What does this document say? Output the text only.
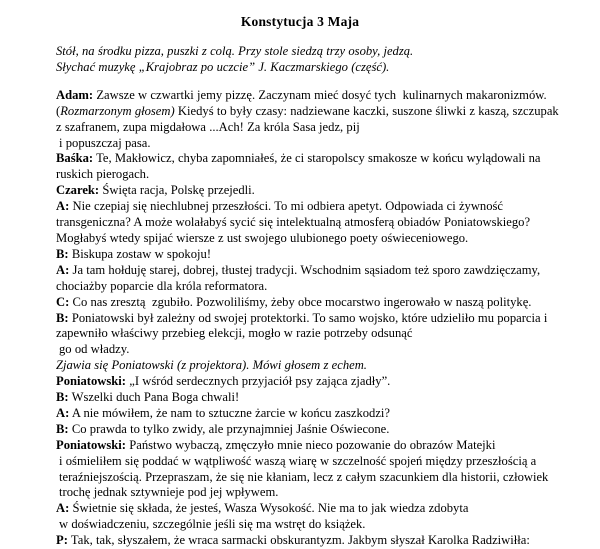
Konstytucja 3 Maja
Stół, na środku pizza, puszki z colą. Przy stole siedzą trzy osoby, jedzą.
Słychać muzykę „Krajobraz po uczcie” J. Kaczmarskiego (część).
Adam: Zawsze w czwartki jemy pizzę. Zaczynam mieć dosyć tych  kulinarnych makaronizmów. (Rozmarzonym głosem) Kiedyś to były czasy: nadziewane kaczki, suszone śliwki z kaszą, szczupak z szafranem, zupa migdałowa ...Ach! Za króla Sasa jedz, pij
i popuszczaj pasa.
Baśka: Te, Makłowicz, chyba zapomniałeś, że ci staropolscy smakosze w końcu wylądowali na ruskich pierogach.
Czarek: Święta racja, Polskę przejedli.
A: Nie czepiaj się niechlubnej przeszłości. To mi odbiera apetyt. Odpowiada ci żywność transgeniczna? A może wolałabyś sycić się intelektualną atmosferą obiadów Poniatowskiego? Mogłabyś wtedy spijać wiersze z ust swojego ulubionego poety oświeceniowego.
B: Biskupa zostaw w spokoju!
A: Ja tam hołduję starej, dobrej, tłustej tradycji. Wschodnim sąsiadom też sporo zawdzięczamy, chociażby poparcie dla króla reformatora.
C: Co nas zresztą  zgubiło. Pozwoliliśmy, żeby obce mocarstwo ingerowało w naszą politykę.
B: Poniatowski był zależny od swojej protektorki. To samo wojsko, które udzieliło mu poparcia i zapewniło właściwy przebieg elekcji, mogło w razie potrzeby odsunąć
go od władzy.
Zjawia się Poniatowski (z projektora). Mówi głosem z echem.
Poniatowski: „I wśród serdecznych przyjaciół psy zająca zjadły”.
B: Wszelki duch Pana Boga chwali!
A: A nie mówiłem, że nam to sztuczne żarcie w końcu zaszkodzi?
B: Co prawda to tylko zwidy, ale przynajmniej Jaśnie Oświecone.
Poniatowski: Państwo wybaczą, zmęczyło mnie nieco pozowanie do obrazów Matejki
i ośmieliłem się poddać w wątpliwość waszą wiarę w szczelność spojeń między przeszłością a teraźniejszością. Przepraszam, że się nie kłaniam, lecz z całym szacunkiem dla historii, człowiek trochę jednak sztywnieje pod jej wpływem.
A: Świetnie się składa, że jesteś, Wasza Wysokość. Nie ma to jak wiedza zdobyta
w doświadczeniu, szczególnie jeśli się ma wstręt do książek.
P: Tak, tak, słyszałem, że wraca sarmacki obskurantyzm. Jakbym słyszał Karolka Radziwiłła:
